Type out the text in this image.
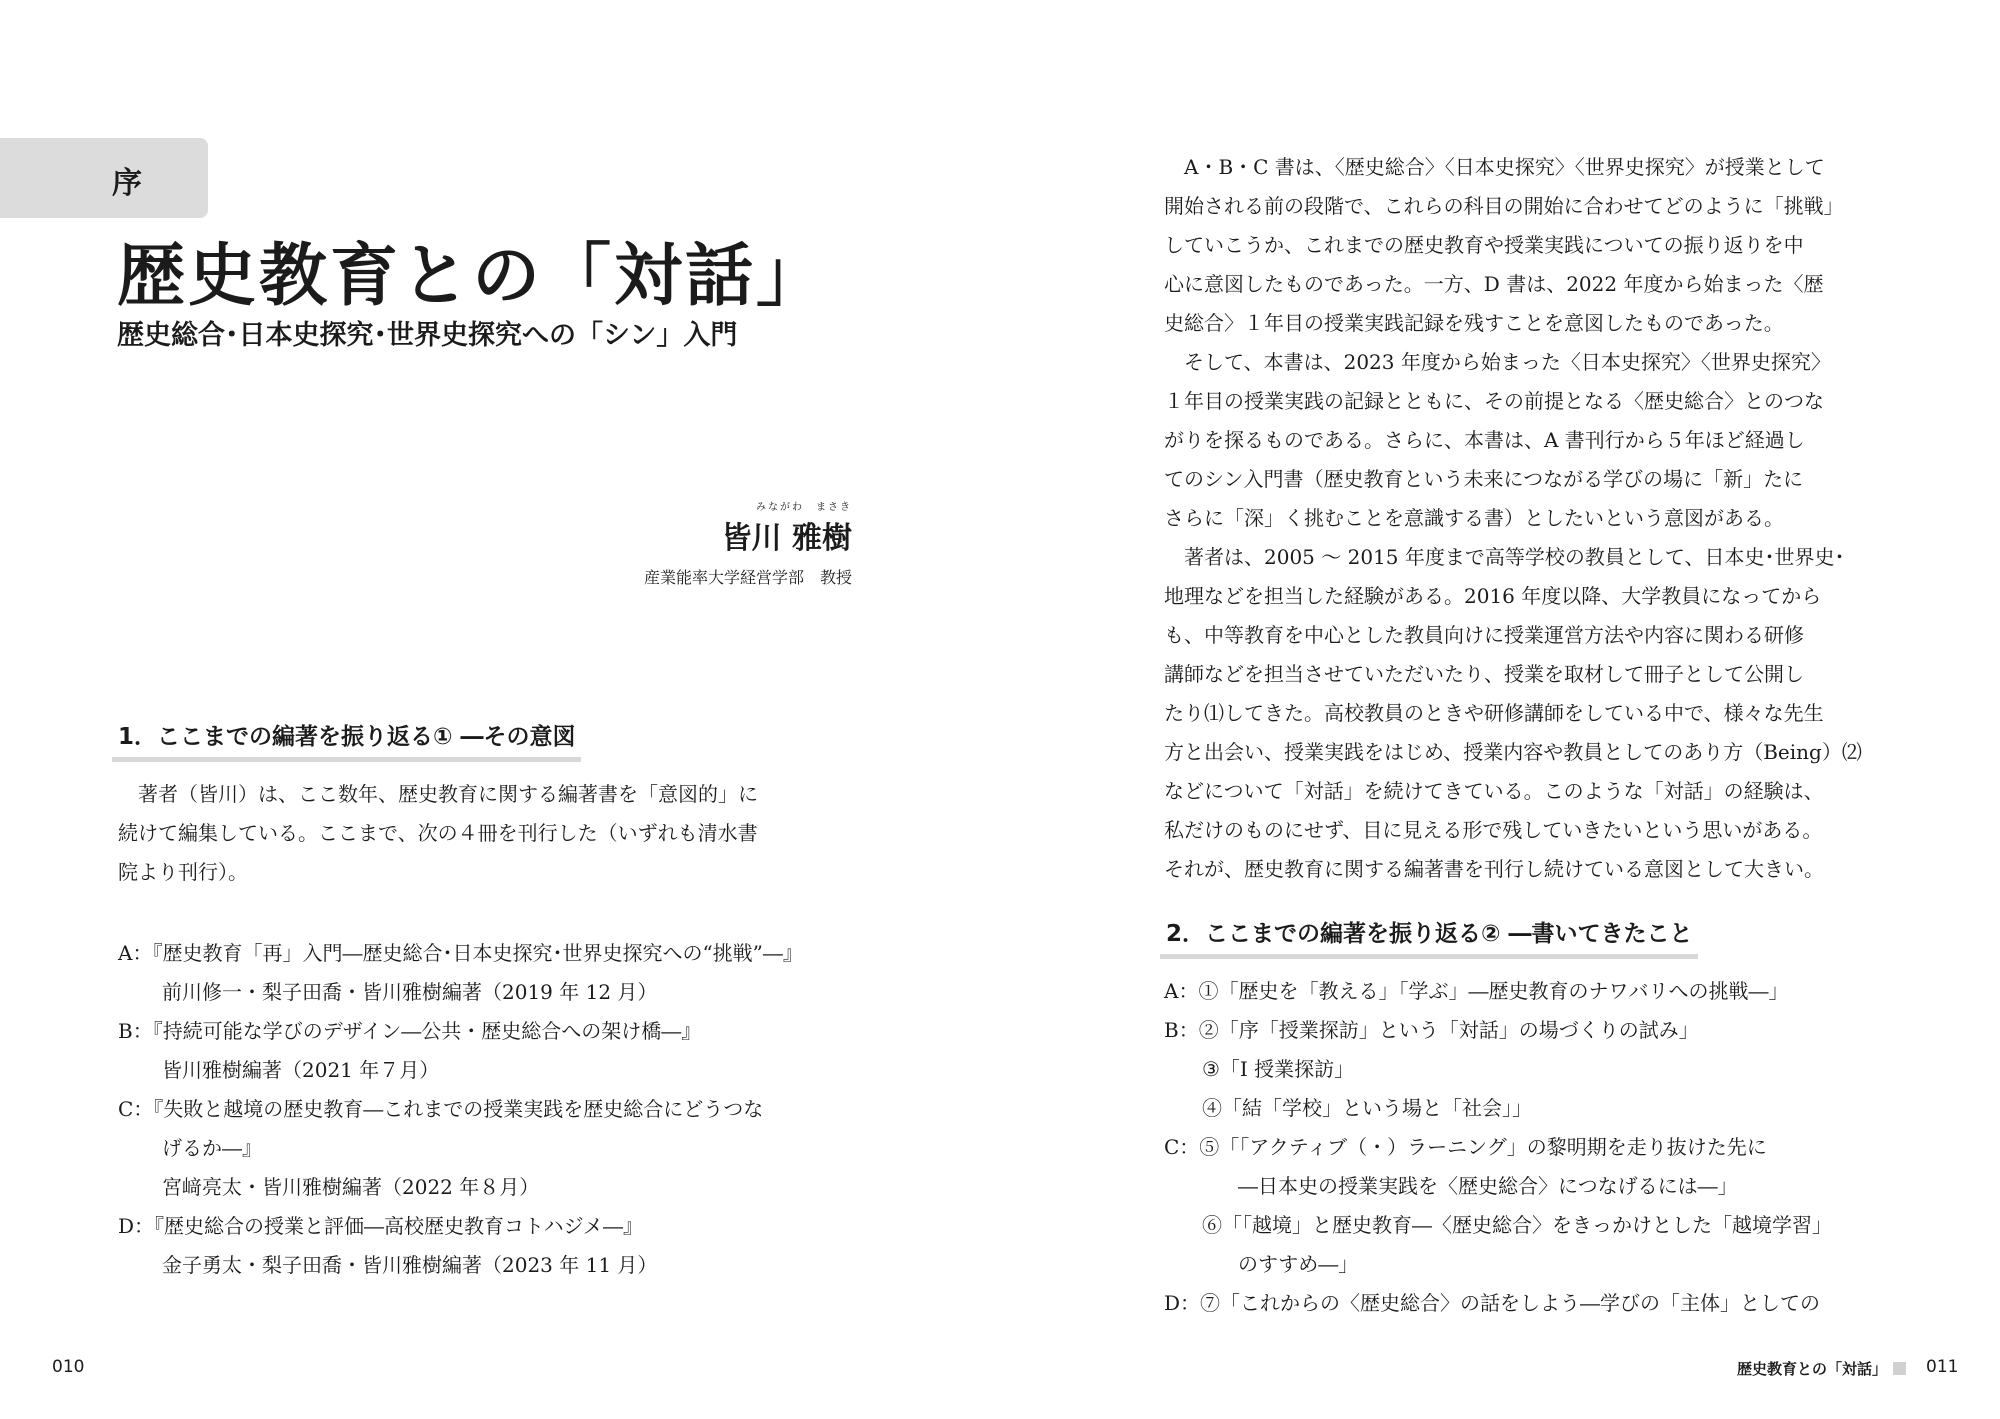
序
歴史教育との「対話」
歴史総合･日本史探究･世界史探究への「シン」入門
みながわ　まさき
皆川 雅樹
産業能率大学経営学部　教授
1．ここまでの編著を振り返る① ―その意図
　著者（皆川）は、ここ数年、歴史教育に関する編著書を「意図的」に
続けて編集している。ここまで、次の４冊を刊行した（いずれも清水書
院より刊行）。
A：『歴史教育「再」入門―歴史総合･日本史探究･世界史探究への“挑戦”―』
前川修一・梨子田喬・皆川雅樹編著（2019 年 12 月）
B：『持続可能な学びのデザイン―公共・歴史総合への架け橋―』
皆川雅樹編著（2021 年７月）
C：『失敗と越境の歴史教育―これまでの授業実践を歴史総合にどうつな
げるか―』
宮﨑亮太・皆川雅樹編著（2022 年８月）
D：『歴史総合の授業と評価―高校歴史教育コトハジメ―』
金子勇太・梨子田喬・皆川雅樹編著（2023 年 11 月）
010
　A・B・C 書は、〈歴史総合〉〈日本史探究〉〈世界史探究〉が授業として
開始される前の段階で、これらの科目の開始に合わせてどのように「挑戦」
していこうか、これまでの歴史教育や授業実践についての振り返りを中
心に意図したものであった。一方、D 書は、2022 年度から始まった〈歴
史総合〉１年目の授業実践記録を残すことを意図したものであった。
　そして、本書は、2023 年度から始まった〈日本史探究〉〈世界史探究〉
１年目の授業実践の記録とともに、その前提となる〈歴史総合〉とのつな
がりを探るものである。さらに、本書は、A 書刊行から５年ほど経過し
てのシン入門書（歴史教育という未来につながる学びの場に「新」たに
さらに「深」く挑むことを意識する書）としたいという意図がある。
　著者は、2005 ～ 2015 年度まで高等学校の教員として、日本史･世界史･
地理などを担当した経験がある。2016 年度以降、大学教員になってから
も、中等教育を中心とした教員向けに授業運営方法や内容に関わる研修
講師などを担当させていただいたり、授業を取材して冊子として公開し
たり⑴してきた。高校教員のときや研修講師をしている中で、様々な先生
方と出会い、授業実践をはじめ、授業内容や教員としてのあり方（Being）⑵
などについて「対話」を続けてきている。このような「対話」の経験は、
私だけのものにせず、目に見える形で残していきたいという思いがある。
それが、歴史教育に関する編著書を刊行し続けている意図として大きい。
2．ここまでの編著を振り返る② ―書いてきたこと
A：①「歴史を「教える」「学ぶ」―歴史教育のナワバリへの挑戦―」
B：②「序「授業探訪」という「対話」の場づくりの試み」
③「Ⅰ 授業探訪」
④「結「学校」という場と「社会」」
C：⑤「｢アクティブ（・）ラーニング」の黎明期を走り抜けた先に
―日本史の授業実践を〈歴史総合〉につなげるには―」
⑥「｢越境」と歴史教育―〈歴史総合〉をきっかけとした「越境学習」
のすすめ―」
D：⑦「これからの〈歴史総合〉の話をしよう―学びの「主体」としての
歴史教育との「対話」	011
